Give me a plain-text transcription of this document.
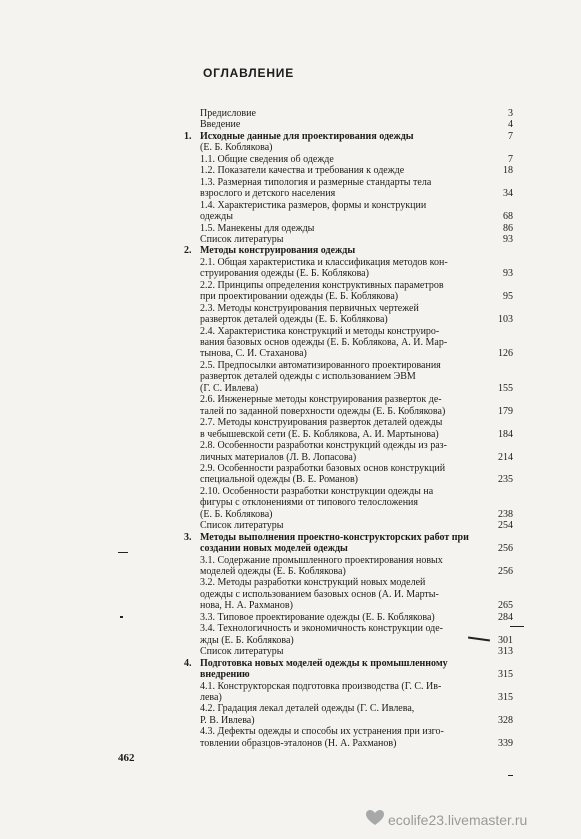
ОГЛАВЛЕНИЕ
Предисловие	3
Введение	4
1. Исходные данные для проектирования одежды	7
(Е. Б. Коблякова)
1.1. Общие сведения об одежде	7
1.2. Показатели качества и требования к одежде	18
1.3. Размерная типология и размерные стандарты тела
взрослого и детского населения	34
1.4. Характеристика размеров, формы и конструкции
одежды	68
1.5. Манекены для одежды	86
Список литературы	93
2. Методы конструирования одежды
2.1. Общая характеристика и классификация методов кон-
струирования одежды (Е. Б. Коблякова)	93
2.2. Принципы определения конструктивных параметров
при проектировании одежды (Е. Б. Коблякова)	95
2.3. Методы конструирования первичных чертежей
разверток деталей одежды (Е. Б. Коблякова)	103
2.4. Характеристика конструкций и методы конструиро-
вания базовых основ одежды (Е. Б. Коблякова, А. И. Мар-
тынова, С. И. Стаханова)	126
2.5. Предпосылки автоматизированного проектирования
разверток деталей одежды с использованием ЭВМ
(Г. С. Ивлева)	155
2.6. Инженерные методы конструирования разверток де-
талей по заданной поверхности одежды (Е. Б. Коблякова)	179
2.7. Методы конструирования разверток деталей одежды
в чебышевской сети (Е. Б. Коблякова, А. И. Мартынова)	184
2.8. Особенности разработки конструкций одежды из раз-
личных материалов (Л. В. Лопасова)	214
2.9. Особенности разработки базовых основ конструкций
специальной одежды (В. Е. Романов)	235
2.10. Особенности разработки конструкции одежды на
фигуры с отклонениями от типового телосложения
(Е. Б. Коблякова)	238
Список литературы	254
3. Методы выполнения проектно-конструкторских работ при
создании новых моделей одежды	256
3.1. Содержание промышленного проектирования новых
моделей одежды (Е. Б. Коблякова)	256
3.2. Методы разработки конструкций новых моделей
одежды с использованием базовых основ (А. И. Марты-
нова, Н. А. Рахманов)	265
3.3. Типовое проектирование одежды (Е. Б. Коблякова)	284
3.4. Технологичность и экономичность конструкции оде-
жды (Е. Б. Коблякова)	301
Список литературы	313
4. Подготовка новых моделей одежды к промышленному
внедрению	315
4.1. Конструкторская подготовка производства (Г. С. Ив-
лева)	315
4.2. Градация лекал деталей одежды (Г. С. Ивлева,
Р. В. Ивлева)	328
4.3. Дефекты одежды и способы их устранения при изго-
товлении образцов-эталонов (Н. А. Рахманов)	339
462
ecolife23.livemaster.ru
